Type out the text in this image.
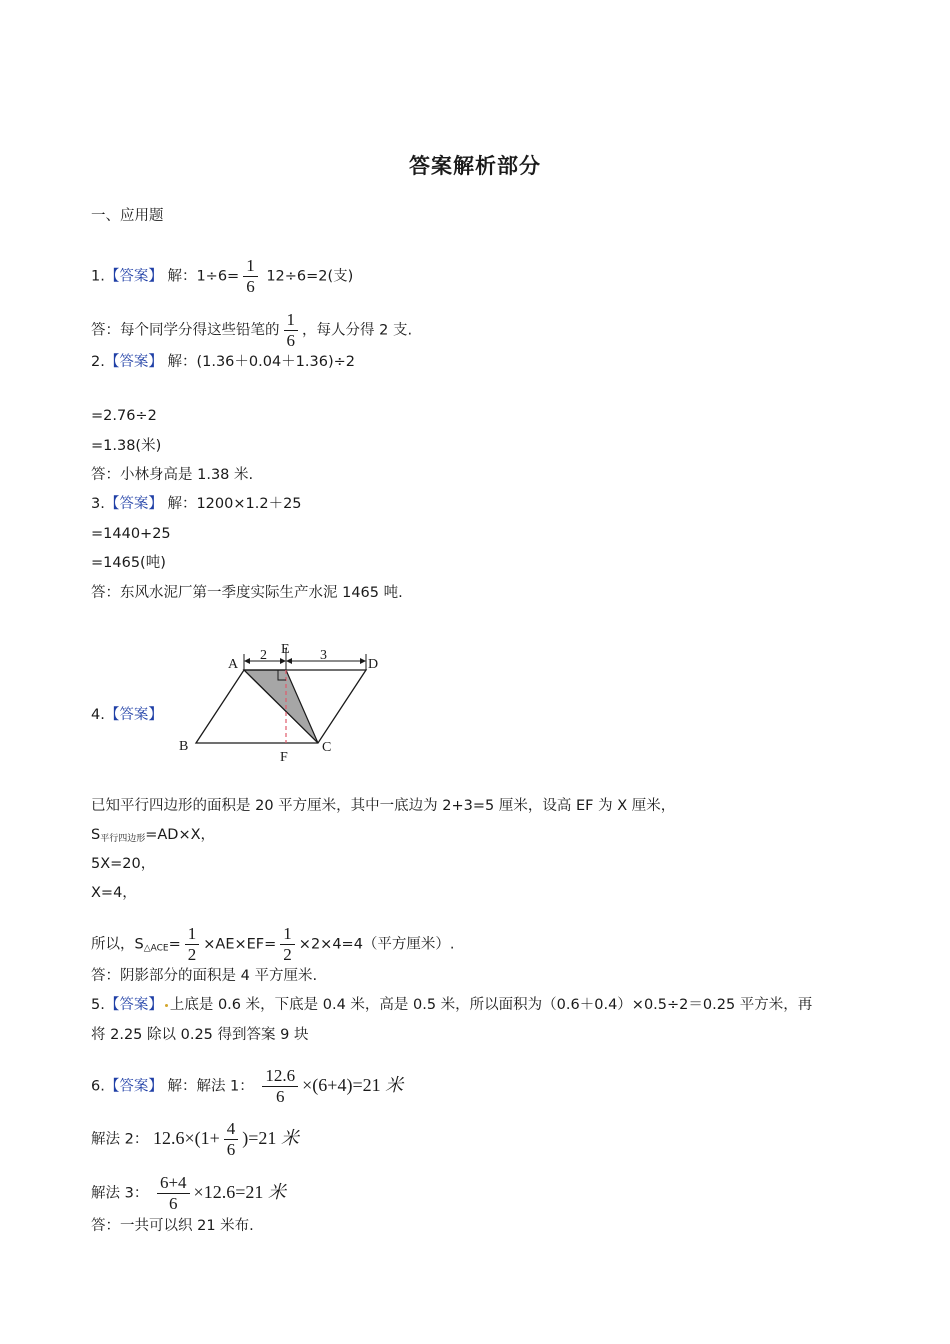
答案解析部分
一、应用题
1.【答案】 解：$1\div 6= \frac{1}{6} 12\div 6=2$(支)
答：每个同学分得这些铅笔的 $\frac{1}{6}$ ，每人分得 2 支.
2.【答案】 解：(1.36＋0.04＋1.36)÷2
=2.76÷2
=1.38(米)
答：小林身高是 1.38 米.
3.【答案】 解：1200×1.2＋25
=1440+25
=1465(吨)
答：东风水泥厂第一季度实际生产水泥 1465 吨.
4.【答案】
A
E
D
B
F
C
2	3
已知平行四边形的面积是 20 平方厘米，其中一底边为 2+3=5 厘米，设高 EF 为 X 厘米，
$S_{平行四边形}=AD\times X$，
5X=20，
X=4，
所以，$S_{\triangle ACE}= \frac{1}{2} \times AE\times EF= \frac{1}{2} \times 2\times 4=4$（平方厘米）.
答：阴影部分的面积是 4 平方厘米.
5.【答案】 上底是 0.6 米，下底是 0.4 米，高是 0.5 米，所以面积为（0.6＋0.4）×0.5÷2＝0.25 平方米，再
将 2.25 除以 0.25 得到答案 9 块
6.【答案】 解：解法 1： $\frac{12.6}{6} \times(6+4)=21$ 米
解法 2： $12.6\times(1+ \frac{4}{6} )=21$ 米
解法 3： $\frac{6+4}{6} \times 12.6=21$ 米
答：一共可以织 21 米布.
